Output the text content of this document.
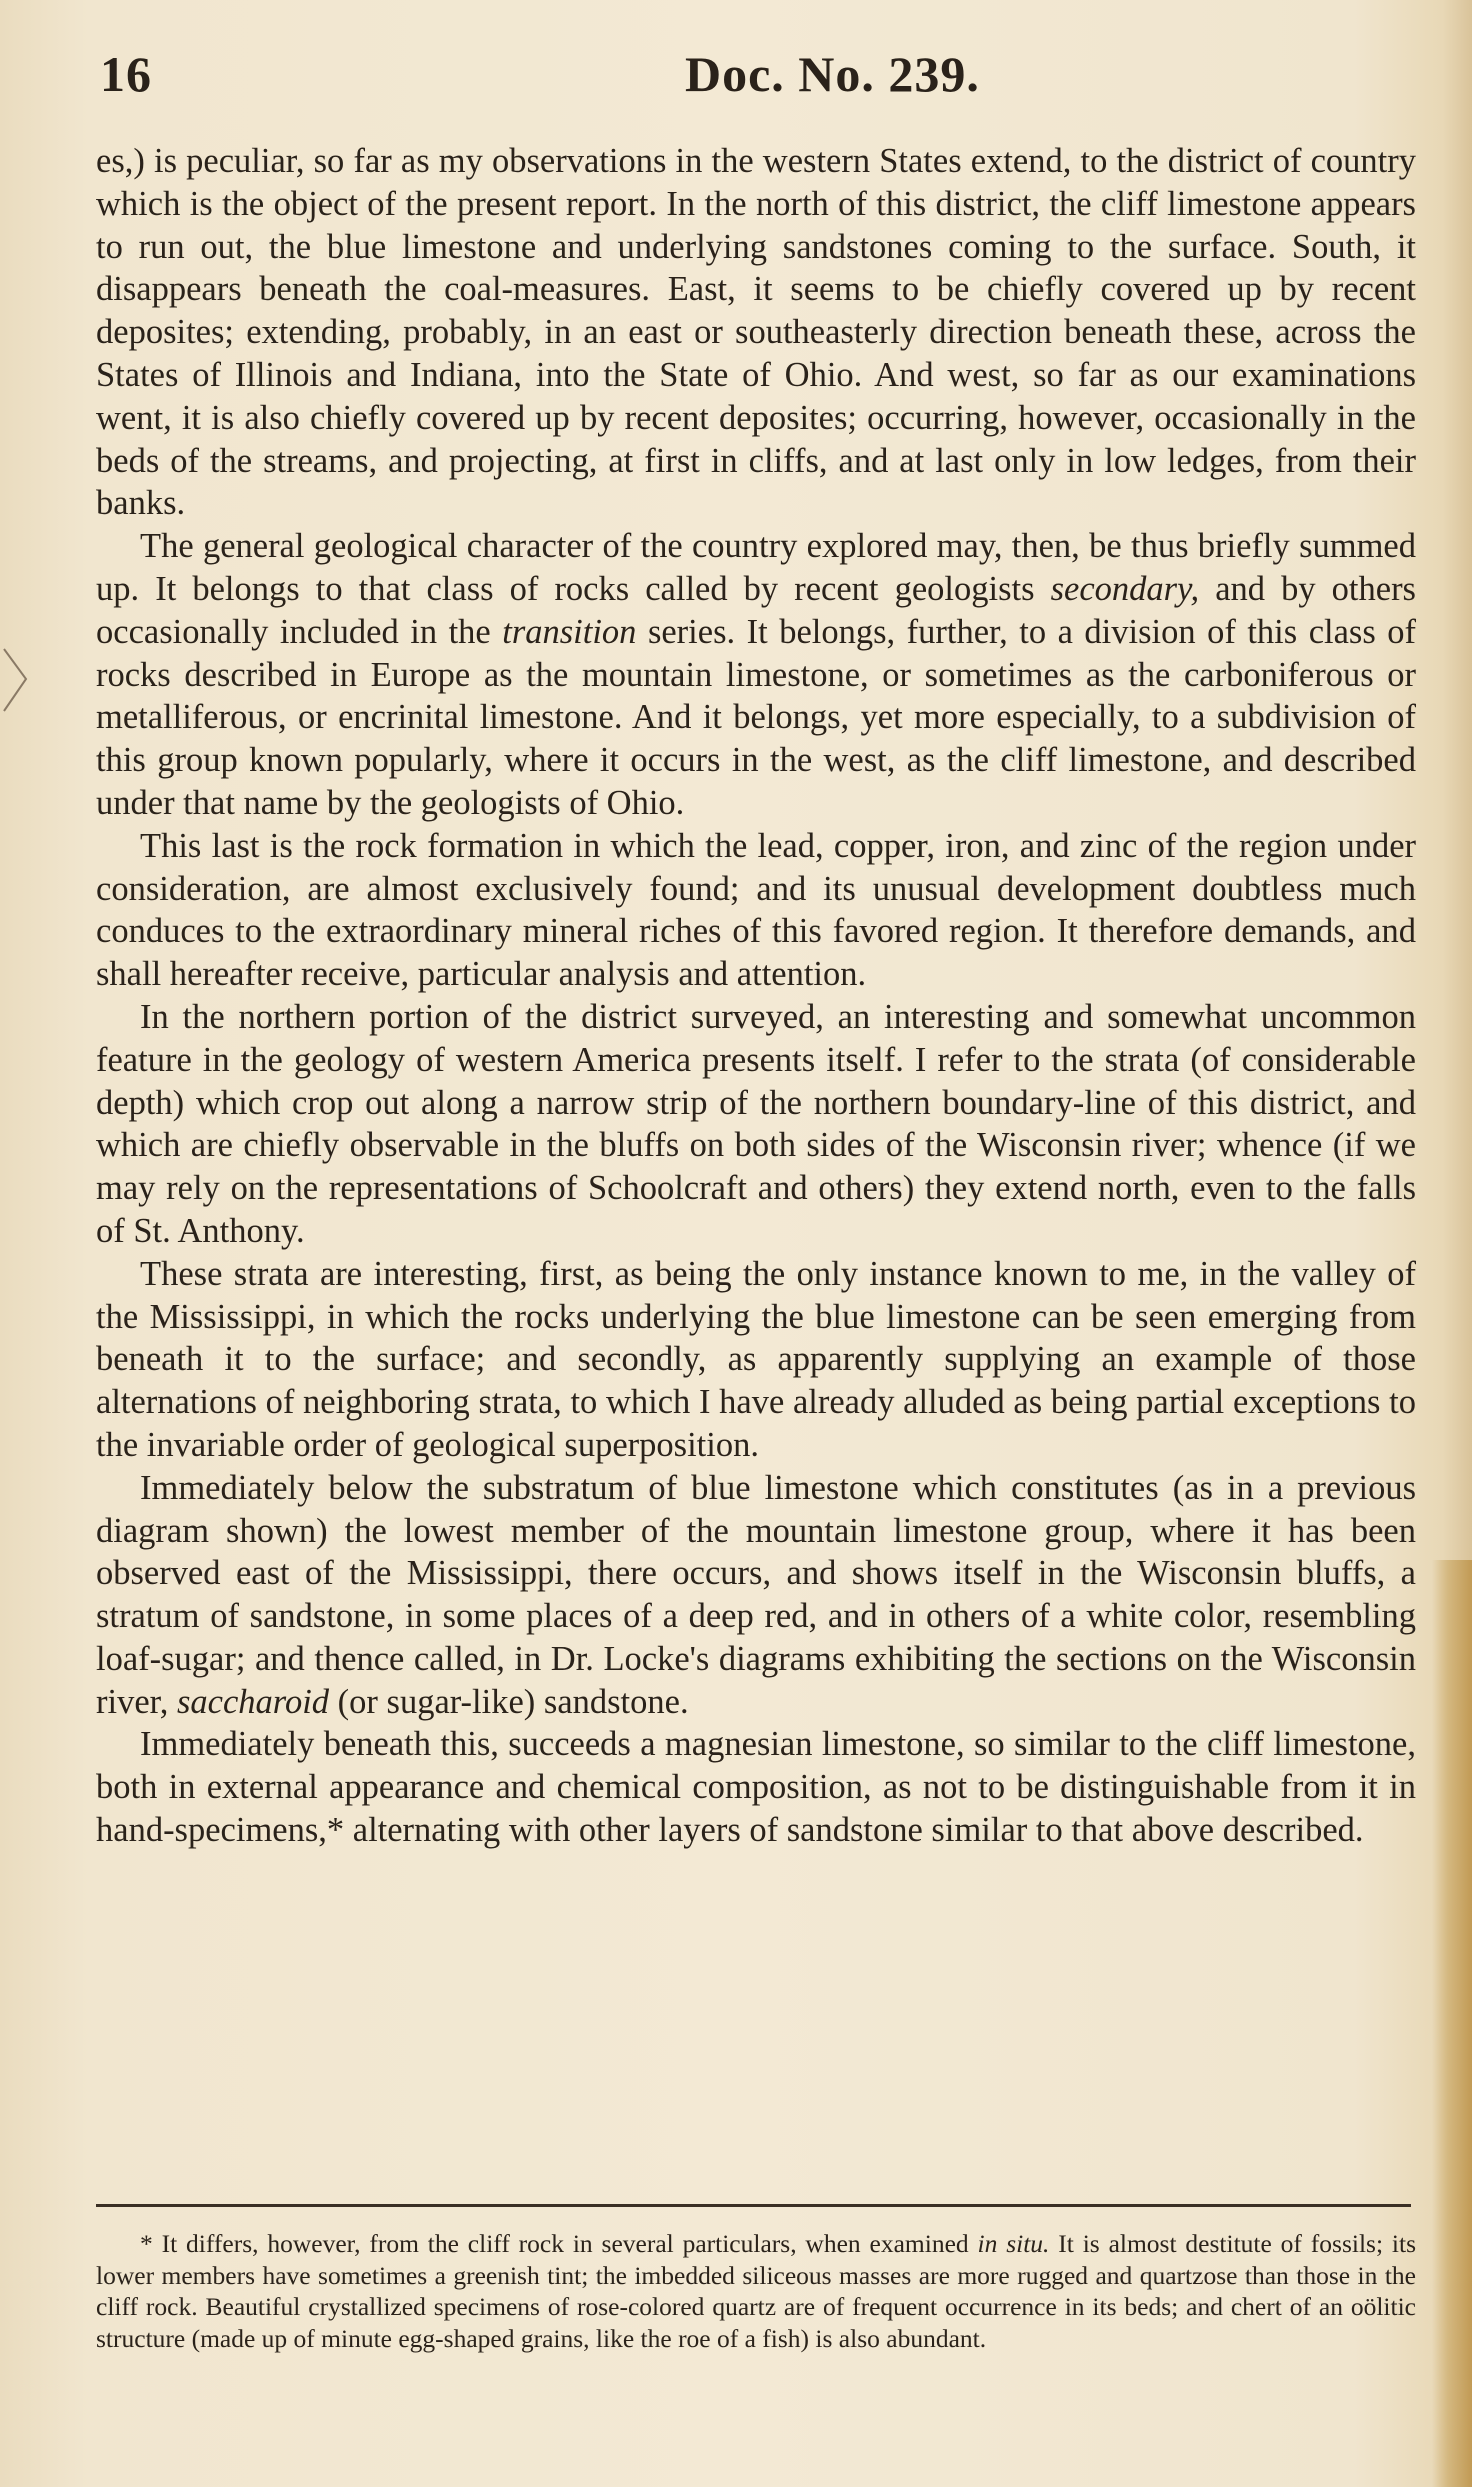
16	Doc. No. 239.

es,) is peculiar, so far as my observations in the western States extend, to the district of country which is the object of the present report. In the north of this district, the cliff limestone appears to run out, the blue limestone and underlying sandstones coming to the surface. South, it disappears beneath the coal-measures. East, it seems to be chiefly covered up by recent deposites; extending, probably, in an east or southeasterly direction beneath these, across the States of Illinois and Indiana, into the State of Ohio. And west, so far as our examinations went, it is also chiefly covered up by recent deposites; occurring, however, occasionally in the beds of the streams, and projecting, at first in cliffs, and at last only in low ledges, from their banks.

The general geological character of the country explored may, then, be thus briefly summed up. It belongs to that class of rocks called by recent geologists secondary, and by others occasionally included in the transition series. It belongs, further, to a division of this class of rocks described in Europe as the mountain limestone, or sometimes as the carboniferous or metalliferous, or encrinital limestone. And it belongs, yet more especially, to a subdivision of this group known popularly, where it occurs in the west, as the cliff limestone, and described under that name by the geologists of Ohio.

This last is the rock formation in which the lead, copper, iron, and zinc of the region under consideration, are almost exclusively found; and its unusual development doubtless much conduces to the extraordinary mineral riches of this favored region. It therefore demands, and shall hereafter receive, particular analysis and attention.

In the northern portion of the district surveyed, an interesting and somewhat uncommon feature in the geology of western America presents itself. I refer to the strata (of considerable depth) which crop out along a narrow strip of the northern boundary-line of this district, and which are chiefly observable in the bluffs on both sides of the Wisconsin river; whence (if we may rely on the representations of Schoolcraft and others) they extend north, even to the falls of St. Anthony.

These strata are interesting, first, as being the only instance known to me, in the valley of the Mississippi, in which the rocks underlying the blue limestone can be seen emerging from beneath it to the surface; and secondly, as apparently supplying an example of those alternations of neighboring strata, to which I have already alluded as being partial exceptions to the invariable order of geological superposition.

Immediately below the substratum of blue limestone which constitutes (as in a previous diagram shown) the lowest member of the mountain limestone group, where it has been observed east of the Mississippi, there occurs, and shows itself in the Wisconsin bluffs, a stratum of sandstone, in some places of a deep red, and in others of a white color, resembling loaf-sugar; and thence called, in Dr. Locke's diagrams exhibiting the sections on the Wisconsin river, saccharoid (or sugar-like) sandstone.

Immediately beneath this, succeeds a magnesian limestone, so similar to the cliff limestone, both in external appearance and chemical composition, as not to be distinguishable from it in hand-specimens,* alternating with other layers of sandstone similar to that above described.

* It differs, however, from the cliff rock in several particulars, when examined in situ. It is almost destitute of fossils; its lower members have sometimes a greenish tint; the imbedded siliceous masses are more rugged and quartzose than those in the cliff rock. Beautiful crystallized specimens of rose-colored quartz are of frequent occurrence in its beds; and chert of an oölitic structure (made up of minute egg-shaped grains, like the roe of a fish) is also abundant.
